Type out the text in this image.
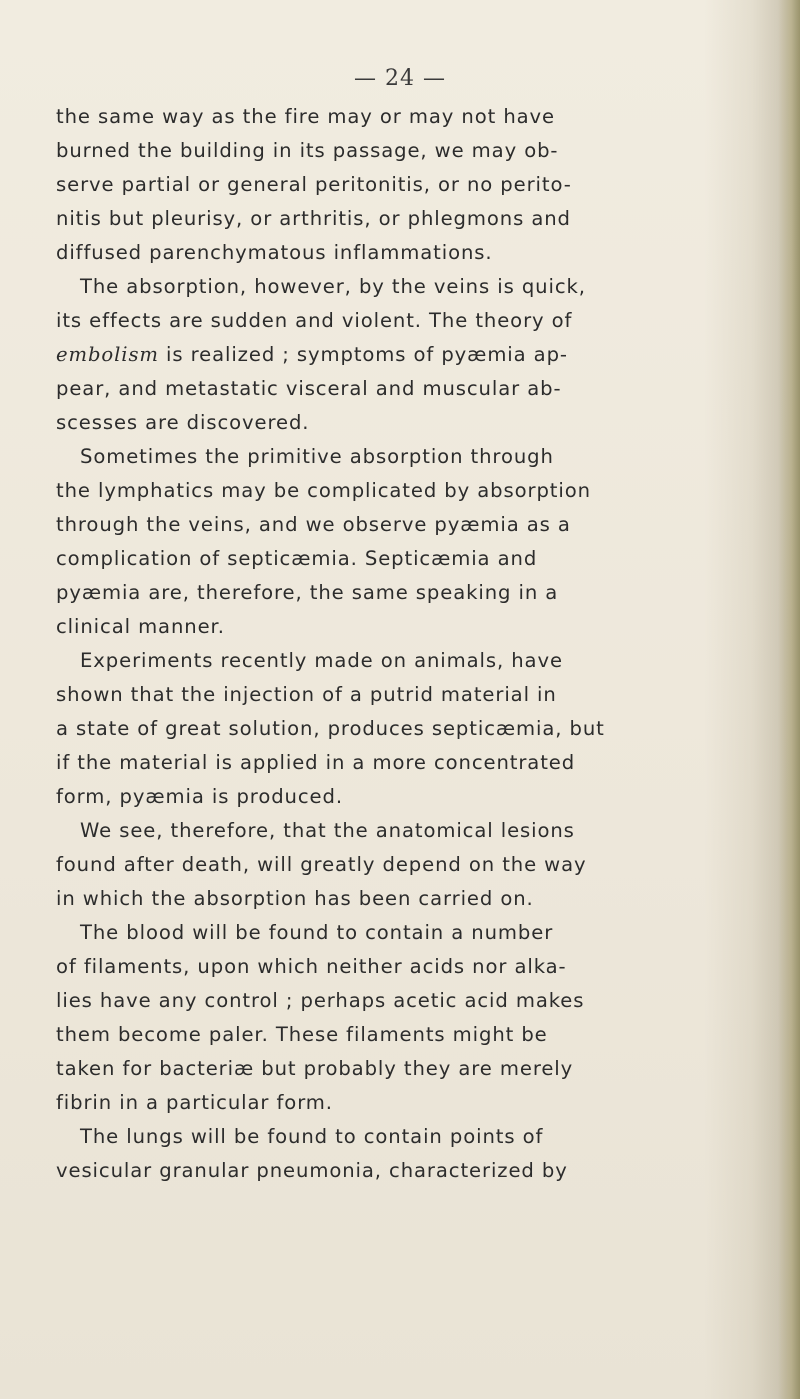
— 24 —
the same way as the fire may or may not have
burned the building in its passage, we may ob-
serve partial or general peritonitis, or no perito-
nitis but pleurisy, or arthritis, or phlegmons and
diffused parenchymatous inflammations.
The absorption, however, by the veins is quick,
its effects are sudden and violent. The theory of
embolism is realized ; symptoms of pyæmia ap-
pear, and metastatic visceral and muscular ab-
scesses are discovered.
Sometimes the primitive absorption through
the lymphatics may be complicated by absorption
through the veins, and we observe pyæmia as a
complication of septicæmia. Septicæmia and
pyæmia are, therefore, the same speaking in a
clinical manner.
Experiments recently made on animals, have
shown that the injection of a putrid material in
a state of great solution, produces septicæmia, but
if the material is applied in a more concentrated
form, pyæmia is produced.
We see, therefore, that the anatomical lesions
found after death, will greatly depend on the way
in which the absorption has been carried on.
The blood will be found to contain a number
of filaments, upon which neither acids nor alka-
lies have any control ; perhaps acetic acid makes
them become paler. These filaments might be
taken for bacteriæ but probably they are merely
fibrin in a particular form.
The lungs will be found to contain points of
vesicular granular pneumonia, characterized by
